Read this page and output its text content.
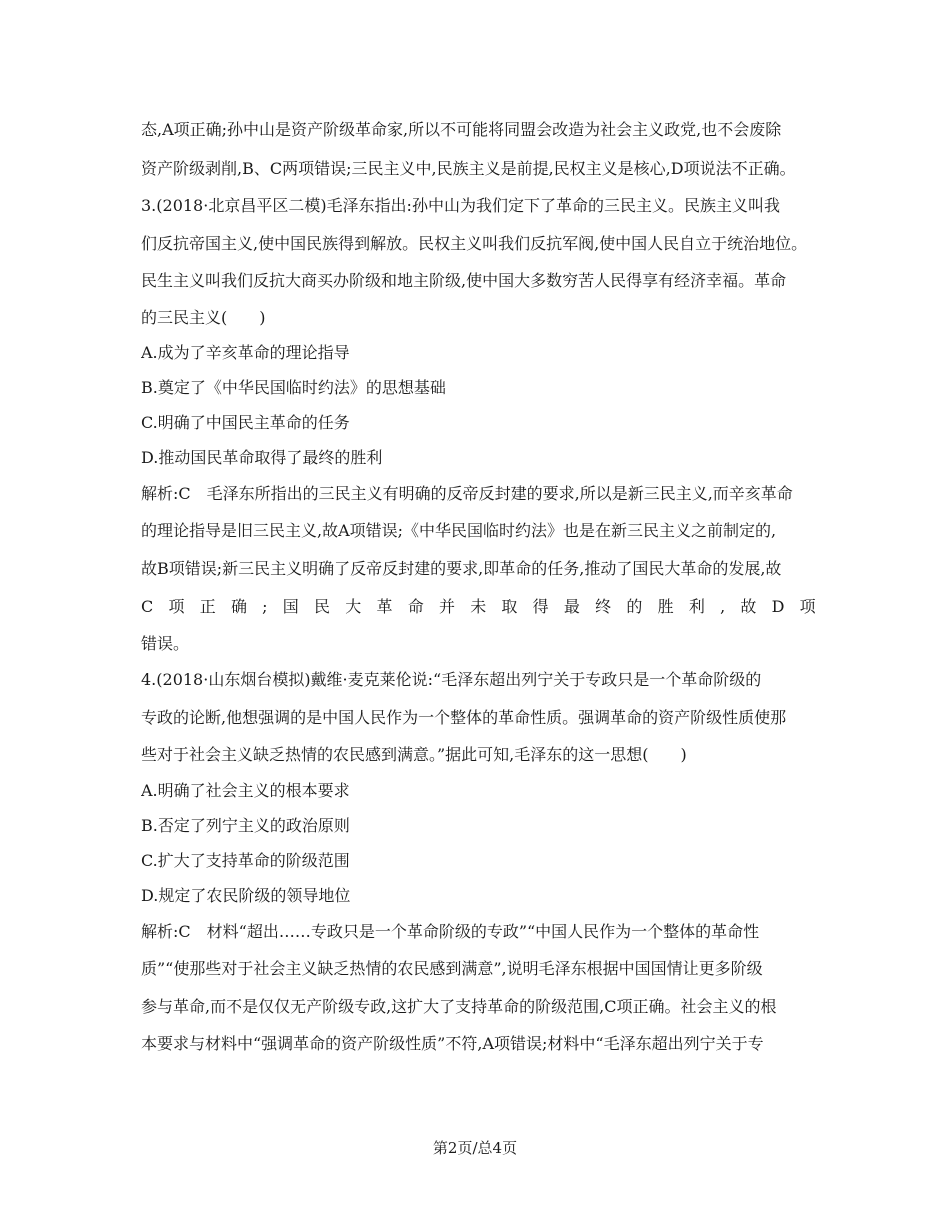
态,A项正确;孙中山是资产阶级革命家,所以不可能将同盟会改造为社会主义政党,也不会废除
资产阶级剥削,B、C两项错误;三民主义中,民族主义是前提,民权主义是核心,D项说法不正确。
3.(2018·北京昌平区二模)毛泽东指出:孙中山为我们定下了革命的三民主义。民族主义叫我
们反抗帝国主义,使中国民族得到解放。民权主义叫我们反抗军阀,使中国人民自立于统治地位。
民生主义叫我们反抗大商买办阶级和地主阶级,使中国大多数穷苦人民得享有经济幸福。革命
的三民主义(　　)
A.成为了辛亥革命的理论指导
B.奠定了《中华民国临时约法》的思想基础
C.明确了中国民主革命的任务
D.推动国民革命取得了最终的胜利
解析:C　毛泽东所指出的三民主义有明确的反帝反封建的要求,所以是新三民主义,而辛亥革命
的理论指导是旧三民主义,故A项错误;《中华民国临时约法》也是在新三民主义之前制定的,
故B项错误;新三民主义明确了反帝反封建的要求,即革命的任务,推动了国民大革命的发展,故
C 项 正 确 ; 国 民 大 革 命 并 未 取 得 最 终 的 胜 利 , 故 D 项
错误。
4.(2018·山东烟台模拟)戴维·麦克莱伦说:“毛泽东超出列宁关于专政只是一个革命阶级的
专政的论断,他想强调的是中国人民作为一个整体的革命性质。强调革命的资产阶级性质使那
些对于社会主义缺乏热情的农民感到满意。”据此可知,毛泽东的这一思想(　　)
A.明确了社会主义的根本要求
B.否定了列宁主义的政治原则
C.扩大了支持革命的阶级范围
D.规定了农民阶级的领导地位
解析:C　材料“超出……专政只是一个革命阶级的专政”“中国人民作为一个整体的革命性
质”“使那些对于社会主义缺乏热情的农民感到满意”,说明毛泽东根据中国国情让更多阶级
参与革命,而不是仅仅无产阶级专政,这扩大了支持革命的阶级范围,C项正确。社会主义的根
本要求与材料中“强调革命的资产阶级性质”不符,A项错误;材料中“毛泽东超出列宁关于专
第2页/总4页
